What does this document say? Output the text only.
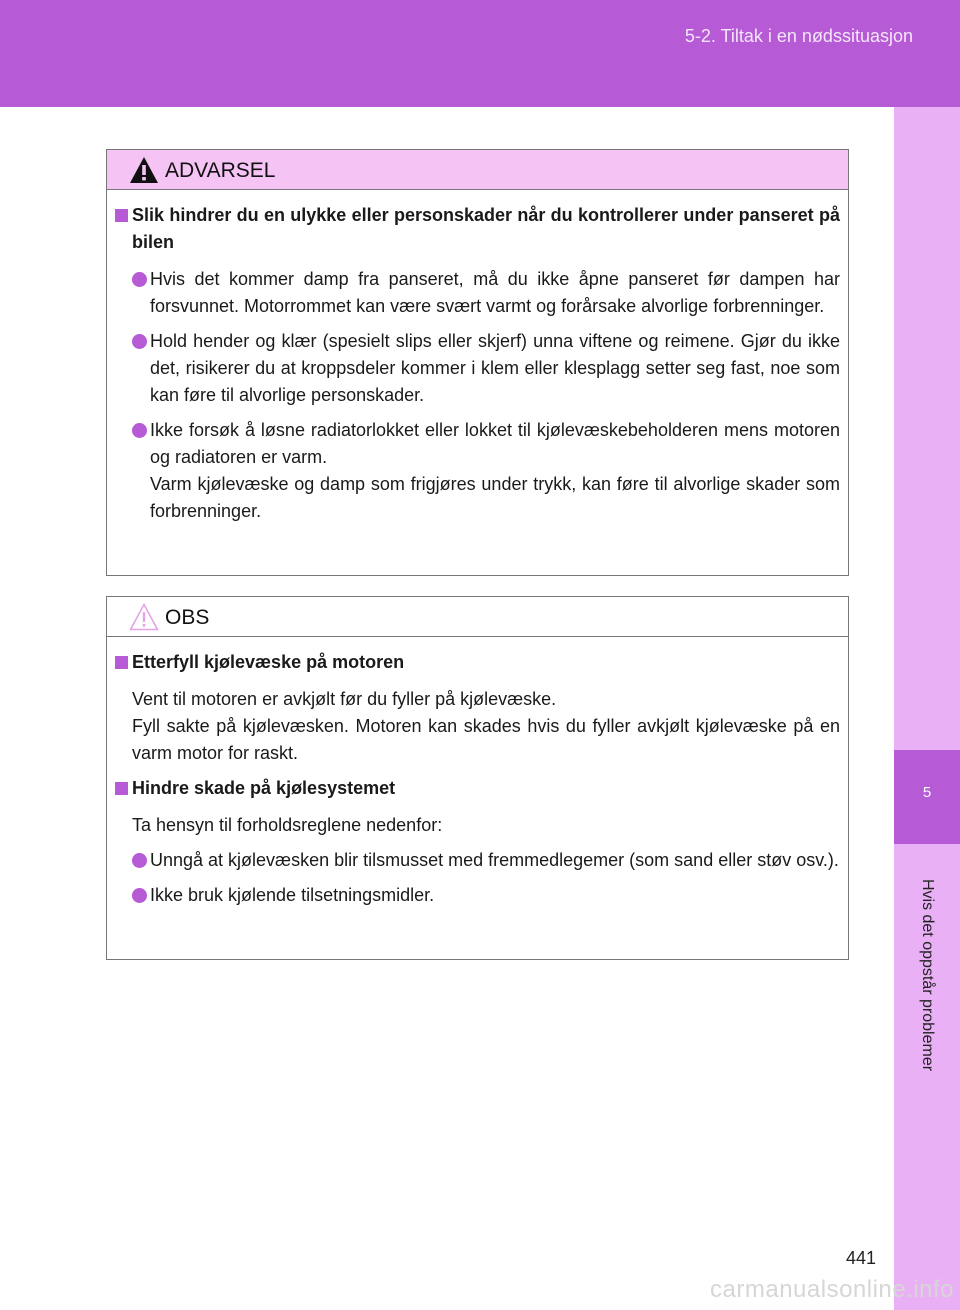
5-2. Tiltak i en nødssituasjon
5
Hvis det oppstår problemer
ADVARSEL
Slik hindrer du en ulykke eller personskader når du kontrollerer under panseret på bilen
Hvis det kommer damp fra panseret, må du ikke åpne panseret før dampen har forsvunnet. Motorrommet kan være svært varmt og forårsake alvorlige forbrenninger.
Hold hender og klær (spesielt slips eller skjerf) unna viftene og reimene. Gjør du ikke det, risikerer du at kroppsdeler kommer i klem eller klesplagg setter seg fast, noe som kan føre til alvorlige personskader.
Ikke forsøk å løsne radiatorlokket eller lokket til kjølevæskebeholderen mens motoren og radiatoren er varm.
Varm kjølevæske og damp som frigjøres under trykk, kan føre til alvorlige skader som forbrenninger.
OBS
Etterfyll kjølevæske på motoren
Vent til motoren er avkjølt før du fyller på kjølevæske.
Fyll sakte på kjølevæsken. Motoren kan skades hvis du fyller avkjølt kjølevæske på en varm motor for raskt.
Hindre skade på kjølesystemet
Ta hensyn til forholdsreglene nedenfor:
Unngå at kjølevæsken blir tilsmusset med fremmedlegemer (som sand eller støv osv.).
Ikke bruk kjølende tilsetningsmidler.
441
carmanualsonline.info
